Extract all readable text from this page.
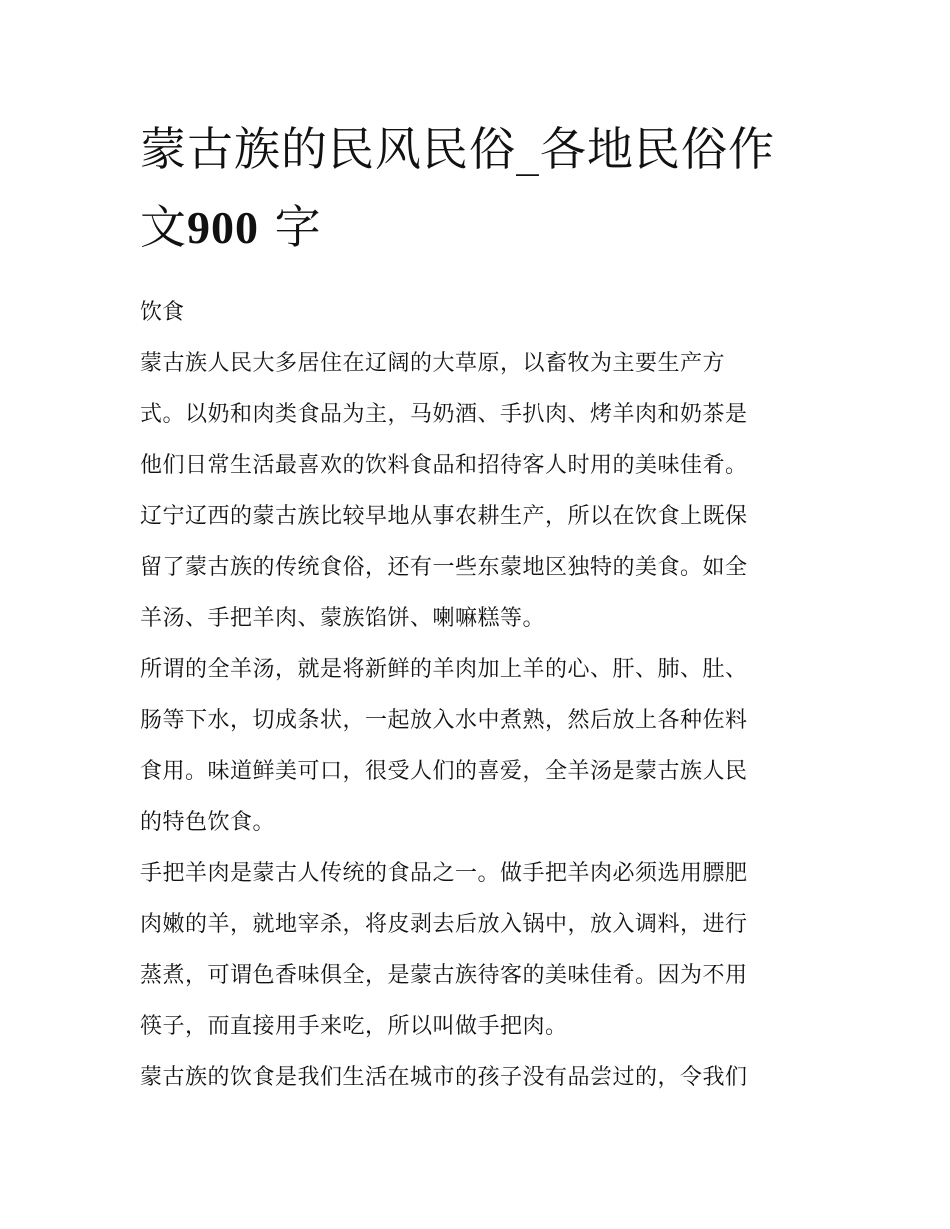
蒙古族的民风民俗_各地民俗作文900 字
饮食

蒙古族人民大多居住在辽阔的大草原，以畜牧为主要生产方
式。以奶和肉类食品为主，马奶酒、手扒肉、烤羊肉和奶茶是
他们日常生活最喜欢的饮料食品和招待客人时用的美味佳肴。

辽宁辽西的蒙古族比较早地从事农耕生产，所以在饮食上既保
留了蒙古族的传统食俗，还有一些东蒙地区独特的美食。如全
羊汤、手把羊肉、蒙族馅饼、喇嘛糕等。

所谓的全羊汤，就是将新鲜的羊肉加上羊的心、肝、肺、肚、
肠等下水，切成条状，一起放入水中煮熟，然后放上各种佐料
食用。味道鲜美可口，很受人们的喜爱，全羊汤是蒙古族人民
的特色饮食。

手把羊肉是蒙古人传统的食品之一。做手把羊肉必须选用膘肥
肉嫩的羊，就地宰杀，将皮剥去后放入锅中，放入调料，进行
蒸煮，可谓色香味俱全，是蒙古族待客的美味佳肴。因为不用
筷子，而直接用手来吃，所以叫做手把肉。

蒙古族的饮食是我们生活在城市的孩子没有品尝过的，令我们
